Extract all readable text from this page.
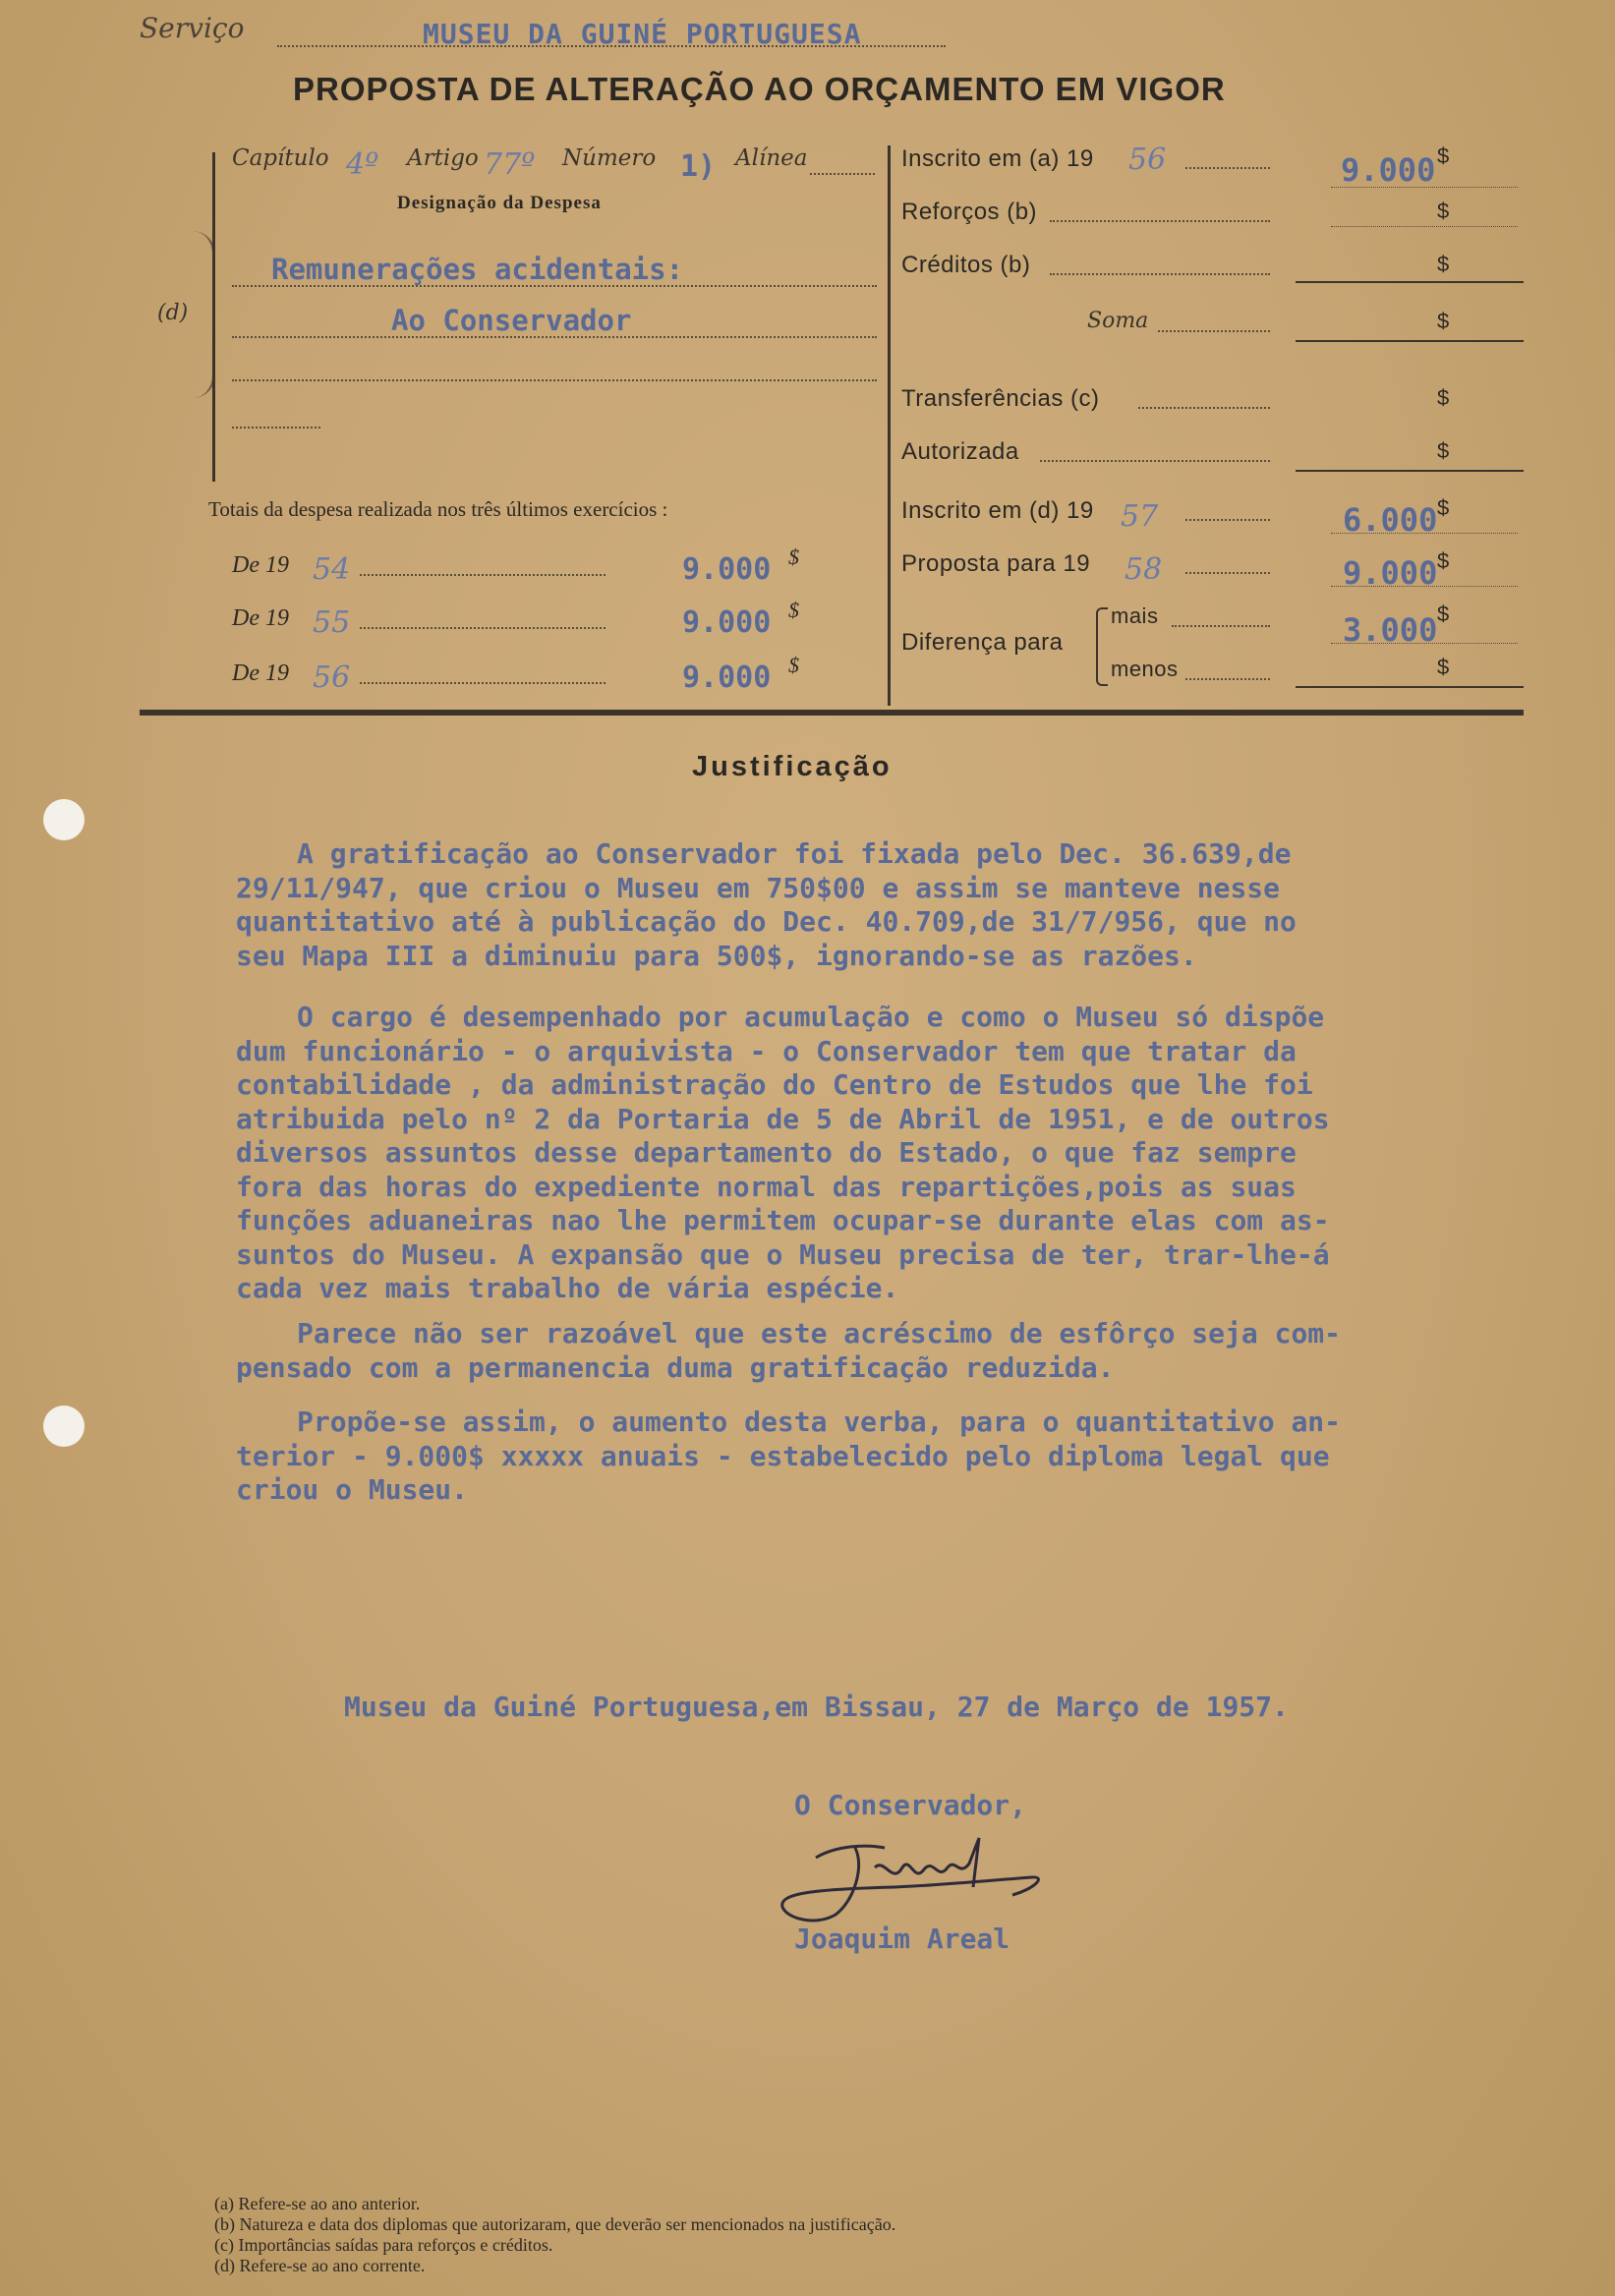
Serviço	MUSEU DA GUINÉ PORTUGUESA
PROPOSTA DE ALTERAÇÃO AO ORÇAMENTO EM VIGOR
(d)
Capítulo 4º Artigo 77º Número 1) Alínea
Designação da Despesa
Remunerações acidentais:
Ao Conservador
Totais da despesa realizada nos três últimos exercícios :
De 19 54	9.000 $
De 19 55	9.000 $
De 19 56	9.000 $
Inscrito em (a) 19 56	9.000 $
Reforços (b)	$
Créditos (b)	$
Soma	$
Transferências (c)	$
Autorizada	$
Inscrito em (d) 19 57	6.000 $
Proposta para 19 58	9.000 $
Diferença para
mais	3.000 $
menos	$
Justificação
A gratificação ao Conservador foi fixada pelo Dec. 36.639,de
29/11/947, que criou o Museu em 750$00 e assim se manteve nesse
quantitativo até à publicação do Dec. 40.709,de 31/7/956, que no
seu Mapa III a diminuiu para 500$, ignorando-se as razões.
O cargo é desempenhado por acumulação e como o Museu só dispõe
dum funcionário - o arquivista - o Conservador tem que tratar da
contabilidade , da administração do Centro de Estudos que lhe foi
atribuida pelo nº 2 da Portaria de 5 de Abril de 1951, e de outros
diversos assuntos desse departamento do Estado, o que faz sempre
fora das horas do expediente normal das repartições,pois as suas
funções aduaneiras nao lhe permitem ocupar-se durante elas com as-
suntos do Museu. A expansão que o Museu precisa de ter, trar-lhe-á
cada vez mais trabalho de vária espécie.
Parece não ser razoável que este acréscimo de esfôrço seja com-
pensado com a permanencia duma gratificação reduzida.
Propõe-se assim, o aumento desta verba, para o quantitativo an-
terior - 9.000$ xxxxx anuais - estabelecido pelo diploma legal que
criou o Museu.
Museu da Guiné Portuguesa,em Bissau, 27 de Março de 1957.
O Conservador,
Joaquim Areal
(a) Refere-se ao ano anterior.
(b) Natureza e data dos diplomas que autorizaram, que deverão ser mencionados na justificação.
(c) Importâncias saídas para reforços e créditos.
(d) Refere-se ao ano corrente.
